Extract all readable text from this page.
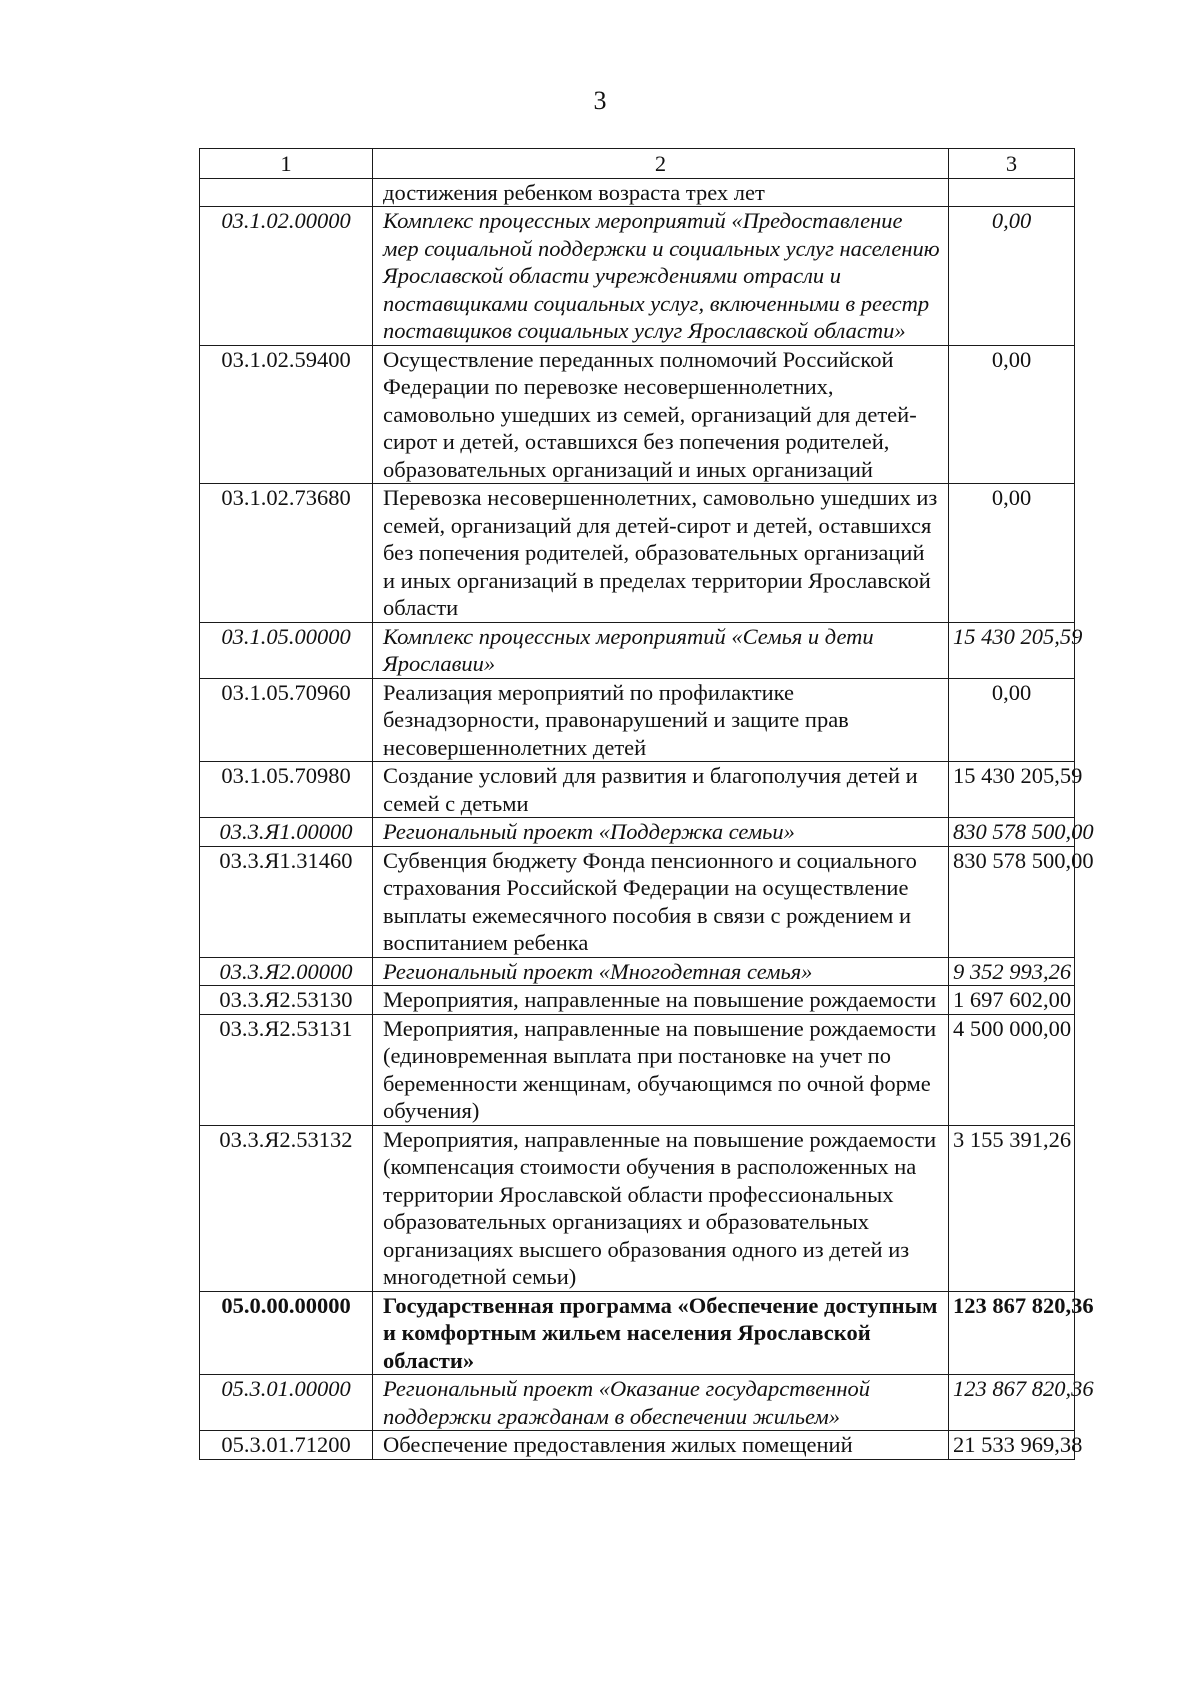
3
1	2	3
	достижения ребенком возраста трех лет	
03.1.02.00000	Комплекс процессных мероприятий «Предоставление мер социальной поддержки и социальных услуг населению Ярославской области учреждениями отрасли и поставщиками социальных услуг, включенными в реестр поставщиков социальных услуг Ярославской области»	0,00
03.1.02.59400	Осуществление переданных полномочий Российской Федерации по перевозке несовершеннолетних, самовольно ушедших из семей, организаций для детей-сирот и детей, оставшихся без попечения родителей, образовательных организаций и иных организаций	0,00
03.1.02.73680	Перевозка несовершеннолетних, самовольно ушедших из семей, организаций для детей-сирот и детей, оставшихся без попечения родителей, образовательных организаций и иных организаций в пределах территории Ярославской области	0,00
03.1.05.00000	Комплекс процессных мероприятий «Семья и дети Ярославии»	15 430 205,59
03.1.05.70960	Реализация мероприятий по профилактике безнадзорности, правонарушений и защите прав несовершеннолетних детей	0,00
03.1.05.70980	Создание условий для развития и благополучия детей и семей с детьми	15 430 205,59
03.3.Я1.00000	Региональный проект «Поддержка семьи»	830 578 500,00
03.3.Я1.31460	Субвенция бюджету Фонда пенсионного и социального страхования Российской Федерации на осуществление выплаты ежемесячного пособия в связи с рождением и воспитанием ребенка	830 578 500,00
03.3.Я2.00000	Региональный проект «Многодетная семья»	9 352 993,26
03.3.Я2.53130	Мероприятия, направленные на повышение рождаемости	1 697 602,00
03.3.Я2.53131	Мероприятия, направленные на повышение рождаемости (единовременная выплата при постановке на учет по беременности женщинам, обучающимся по очной форме обучения)	4 500 000,00
03.3.Я2.53132	Мероприятия, направленные на повышение рождаемости (компенсация стоимости обучения в расположенных на территории Ярославской области профессиональных образовательных организациях и образовательных организациях высшего образования одного из детей из многодетной семьи)	3 155 391,26
05.0.00.00000	Государственная программа «Обеспечение доступным и комфортным жильем населения Ярославской области»	123 867 820,36
05.3.01.00000	Региональный проект «Оказание государственной поддержки гражданам в обеспечении жильем»	123 867 820,36
05.3.01.71200	Обеспечение предоставления жилых помещений	21 533 969,38
